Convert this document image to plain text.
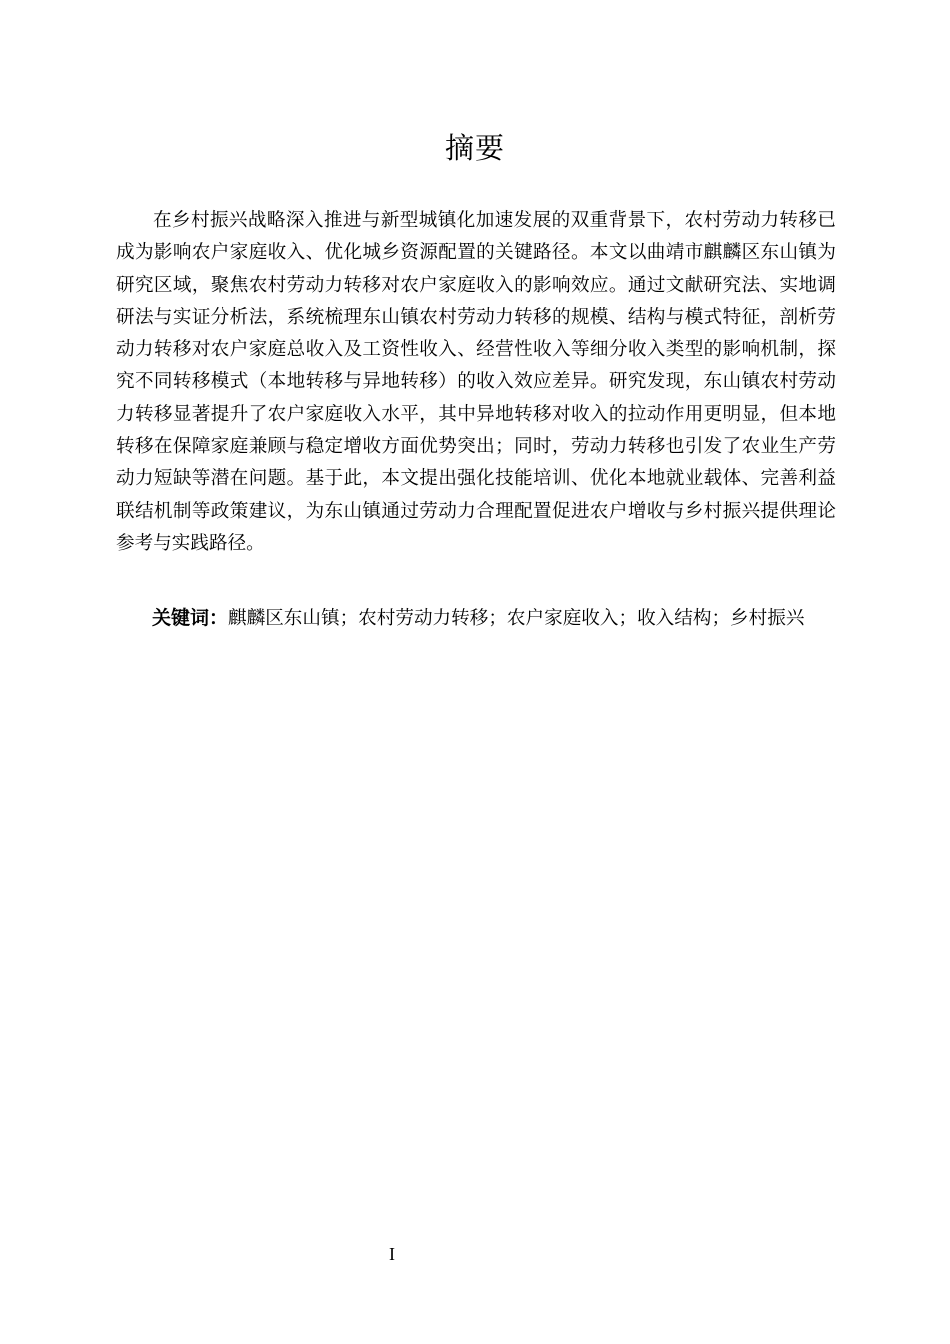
摘要

在乡村振兴战略深入推进与新型城镇化加速发展的双重背景下，农村劳动力转移已成为影响农户家庭收入、优化城乡资源配置的关键路径。本文以曲靖市麒麟区东山镇为研究区域，聚焦农村劳动力转移对农户家庭收入的影响效应。通过文献研究法、实地调研法与实证分析法，系统梳理东山镇农村劳动力转移的规模、结构与模式特征，剖析劳动力转移对农户家庭总收入及工资性收入、经营性收入等细分收入类型的影响机制，探究不同转移模式（本地转移与异地转移）的收入效应差异。研究发现，东山镇农村劳动力转移显著提升了农户家庭收入水平，其中异地转移对收入的拉动作用更明显，但本地转移在保障家庭兼顾与稳定增收方面优势突出；同时，劳动力转移也引发了农业生产劳动力短缺等潜在问题。基于此，本文提出强化技能培训、优化本地就业载体、完善利益联结机制等政策建议，为东山镇通过劳动力合理配置促进农户增收与乡村振兴提供理论参考与实践路径。

关键词：麒麟区东山镇；农村劳动力转移；农户家庭收入；收入结构；乡村振兴
I
